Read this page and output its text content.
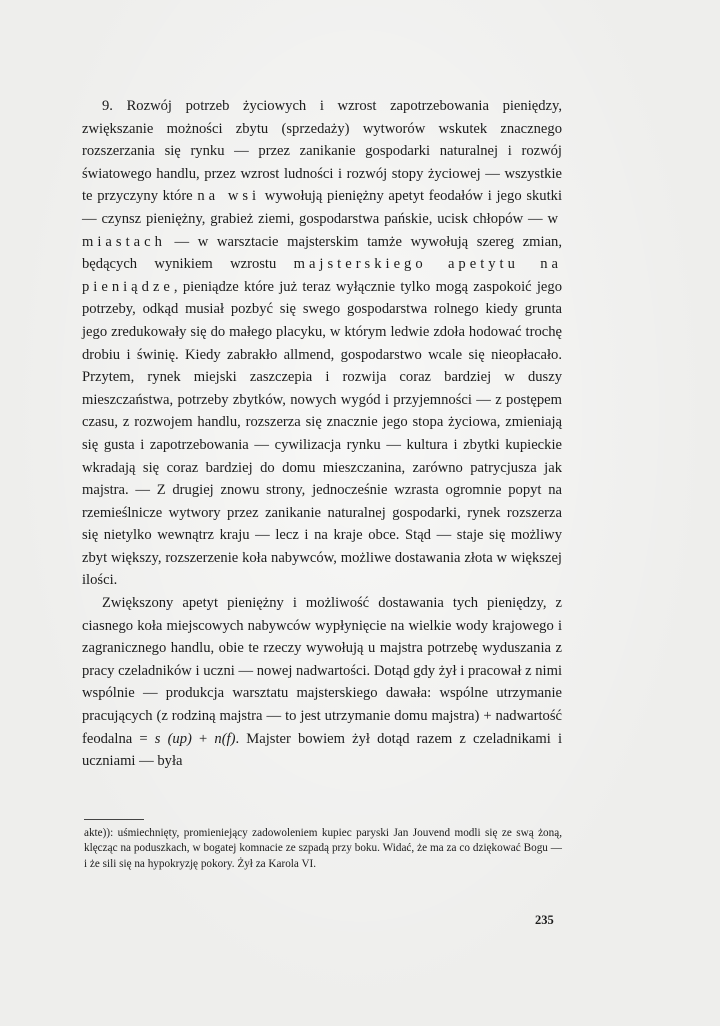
9. Rozwój potrzeb życiowych i wzrost zapotrzebowania pieniędzy, zwiększanie możności zbytu (sprzedaży) wytworów wskutek znacznego rozszerzania się rynku — przez zanikanie gospodarki naturalnej i rozwój światowego handlu, przez wzrost ludności i rozwój stopy życiowej — wszystkie te przyczyny które na wsi wywołują pieniężny apetyt feodałów i jego skutki — czynsz pieniężny, grabież ziemi, gospodarstwa pańskie, ucisk chłopów — w miastach — w warsztacie majsterskim tamże wywołują szereg zmian, będących wynikiem wzrostu majsterskiego apetytu na pieniądze, pieniądze które już teraz wyłącznie tylko mogą zaspokoić jego potrzeby, odkąd musiał pozbyć się swego gospodarstwa rolnego kiedy grunta jego zredukowały się do małego placyku, w którym ledwie zdoła hodować trochę drobiu i świnię. Kiedy zabrakło allmend, gospodarstwo wcale się nieopłacało. Przytem, rynek miejski zaszczepia i rozwija coraz bardziej w duszy mieszczaństwa, potrzeby zbytków, nowych wygód i przyjemności — z postępem czasu, z rozwojem handlu, rozszerza się znacznie jego stopa życiowa, zmieniają się gusta i zapotrzebowania — cywilizacja rynku — kultura i zbytki kupieckie wkradają się coraz bardziej do domu mieszczanina, zarówno patrycjusza jak majstra. — Z drugiej znowu strony, jednocześnie wzrasta ogromnie popyt na rzemieślnicze wytwory przez zanikanie naturalnej gospodarki, rynek rozszerza się nietylko wewnątrz kraju — lecz i na kraje obce. Stąd — staje się możliwy zbyt większy, rozszerzenie koła nabywców, możliwe dostawania złota w większej ilości.

Zwiększony apetyt pieniężny i możliwość dostawania tych pieniędzy, z ciasnego koła miejscowych nabywców wypłynięcie na wielkie wody krajowego i zagranicznego handlu, obie te rzeczy wywołują u majstra potrzebę wyduszania z pracy czeladników i uczni — nowej nadwartości. Dotąd gdy żył i pracował z nimi wspólnie — produkcja warsztatu majsterskiego dawała: wspólne utrzymanie pracujących (z rodziną majstra — to jest utrzymanie domu majstra) + nadwartość feodalna = s (up) + n(f). Majster bowiem żył dotąd razem z czeladnikami i uczniami — była

akte)): uśmiechnięty, promieniejący zadowoleniem kupiec paryski Jan Jouvend modli się ze swą żoną, klęcząc na poduszkach, w bogatej komnacie ze szpadą przy boku. Widać, że ma za co dziękować Bogu — i że sili się na hypokryzję pokory. Żył za Karola VI.

235
